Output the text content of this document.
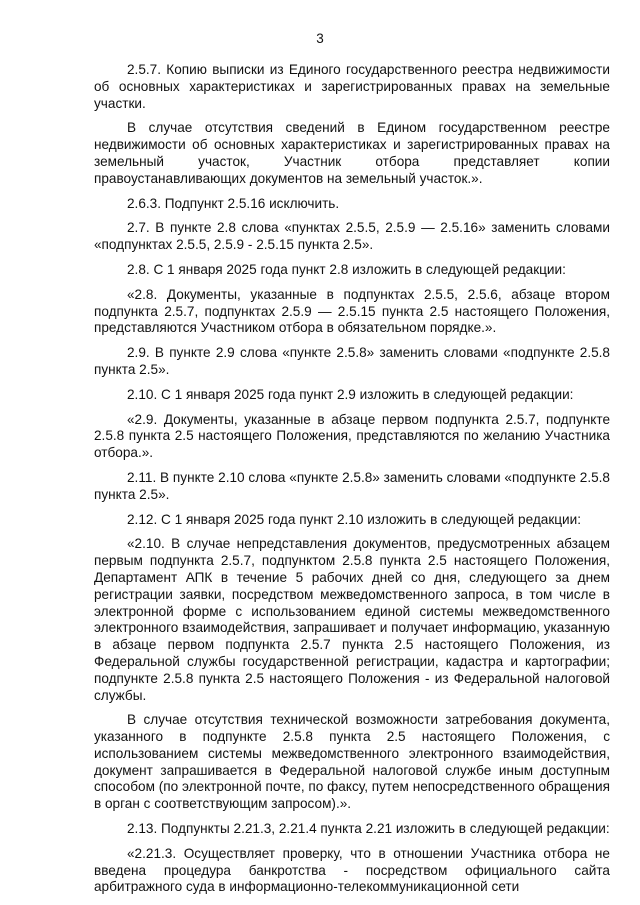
3

2.5.7. Копию выписки из Единого государственного реестра недвижимости об основных характеристиках и зарегистрированных правах на земельные участки.

В случае отсутствия сведений в Едином государственном реестре недвижимости об основных характеристиках и зарегистрированных правах на земельный участок, Участник отбора представляет копии правоустанавливающих документов на земельный участок.».

2.6.3. Подпункт 2.5.16 исключить.

2.7. В пункте 2.8 слова «пунктах 2.5.5, 2.5.9 — 2.5.16» заменить словами «подпунктах 2.5.5, 2.5.9 - 2.5.15 пункта 2.5».

2.8. С 1 января 2025 года пункт 2.8 изложить в следующей редакции:

«2.8. Документы, указанные в подпунктах 2.5.5, 2.5.6, абзаце втором подпункта 2.5.7, подпунктах 2.5.9 — 2.5.15 пункта 2.5 настоящего Положения, представляются Участником отбора в обязательном порядке.».

2.9. В пункте 2.9 слова «пункте 2.5.8» заменить словами «подпункте 2.5.8 пункта 2.5».

2.10. С 1 января 2025 года пункт 2.9 изложить в следующей редакции:

«2.9. Документы, указанные в абзаце первом подпункта 2.5.7, подпункте 2.5.8 пункта 2.5 настоящего Положения, представляются по желанию Участника отбора.».

2.11. В пункте 2.10 слова «пункте 2.5.8» заменить словами «подпункте 2.5.8 пункта 2.5».

2.12. С 1 января 2025 года пункт 2.10 изложить в следующей редакции:

«2.10. В случае непредставления документов, предусмотренных абзацем первым подпункта 2.5.7, подпунктом 2.5.8 пункта 2.5 настоящего Положения, Департамент АПК в течение 5 рабочих дней со дня, следующего за днем регистрации заявки, посредством межведомственного запроса, в том числе в электронной форме с использованием единой системы межведомственного электронного взаимодействия, запрашивает и получает информацию, указанную в абзаце первом подпункта 2.5.7 пункта 2.5 настоящего Положения, из Федеральной службы государственной регистрации, кадастра и картографии; подпункте 2.5.8 пункта 2.5 настоящего Положения - из Федеральной налоговой службы.

В случае отсутствия технической возможности затребования документа, указанного в подпункте 2.5.8 пункта 2.5 настоящего Положения, с использованием системы межведомственного электронного взаимодействия, документ запрашивается в Федеральной налоговой службе иным доступным способом (по электронной почте, по факсу, путем непосредственного обращения в орган с соответствующим запросом).».

2.13. Подпункты 2.21.3, 2.21.4 пункта 2.21 изложить в следующей редакции:

«2.21.3. Осуществляет проверку, что в отношении Участника отбора не введена процедура банкротства - посредством официального сайта арбитражного суда в информационно-телекоммуникационной сети
